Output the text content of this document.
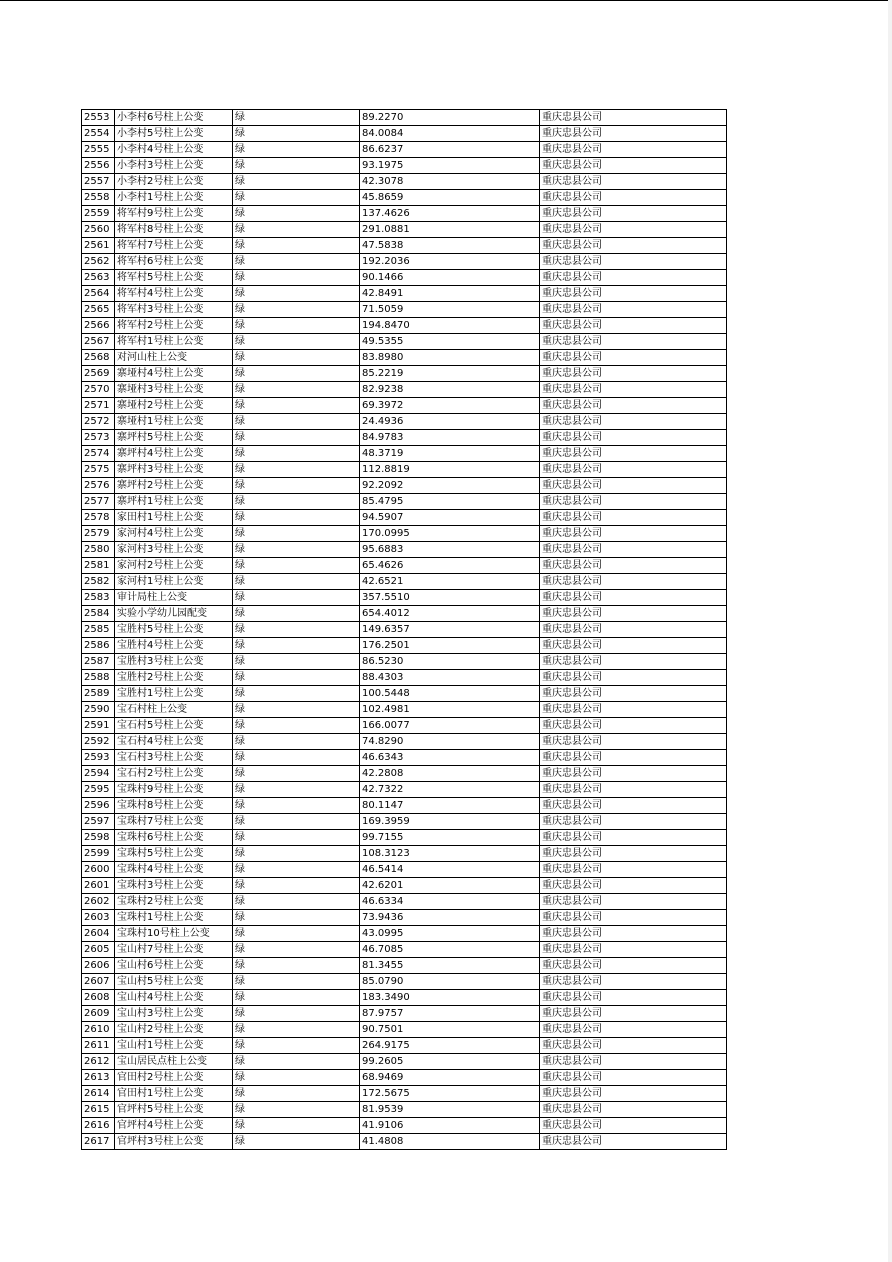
2553	小李村6号柱上公变	绿	89.2270	重庆忠县公司
2554	小李村5号柱上公变	绿	84.0084	重庆忠县公司
2555	小李村4号柱上公变	绿	86.6237	重庆忠县公司
2556	小李村3号柱上公变	绿	93.1975	重庆忠县公司
2557	小李村2号柱上公变	绿	42.3078	重庆忠县公司
2558	小李村1号柱上公变	绿	45.8659	重庆忠县公司
2559	将军村9号柱上公变	绿	137.4626	重庆忠县公司
2560	将军村8号柱上公变	绿	291.0881	重庆忠县公司
2561	将军村7号柱上公变	绿	47.5838	重庆忠县公司
2562	将军村6号柱上公变	绿	192.2036	重庆忠县公司
2563	将军村5号柱上公变	绿	90.1466	重庆忠县公司
2564	将军村4号柱上公变	绿	42.8491	重庆忠县公司
2565	将军村3号柱上公变	绿	71.5059	重庆忠县公司
2566	将军村2号柱上公变	绿	194.8470	重庆忠县公司
2567	将军村1号柱上公变	绿	49.5355	重庆忠县公司
2568	对河山柱上公变	绿	83.8980	重庆忠县公司
2569	寨垭村4号柱上公变	绿	85.2219	重庆忠县公司
2570	寨垭村3号柱上公变	绿	82.9238	重庆忠县公司
2571	寨垭村2号柱上公变	绿	69.3972	重庆忠县公司
2572	寨垭村1号柱上公变	绿	24.4936	重庆忠县公司
2573	寨坪村5号柱上公变	绿	84.9783	重庆忠县公司
2574	寨坪村4号柱上公变	绿	48.3719	重庆忠县公司
2575	寨坪村3号柱上公变	绿	112.8819	重庆忠县公司
2576	寨坪村2号柱上公变	绿	92.2092	重庆忠县公司
2577	寨坪村1号柱上公变	绿	85.4795	重庆忠县公司
2578	家田村1号柱上公变	绿	94.5907	重庆忠县公司
2579	家河村4号柱上公变	绿	170.0995	重庆忠县公司
2580	家河村3号柱上公变	绿	95.6883	重庆忠县公司
2581	家河村2号柱上公变	绿	65.4626	重庆忠县公司
2582	家河村1号柱上公变	绿	42.6521	重庆忠县公司
2583	审计局柱上公变	绿	357.5510	重庆忠县公司
2584	实验小学幼儿园配变	绿	654.4012	重庆忠县公司
2585	宝胜村5号柱上公变	绿	149.6357	重庆忠县公司
2586	宝胜村4号柱上公变	绿	176.2501	重庆忠县公司
2587	宝胜村3号柱上公变	绿	86.5230	重庆忠县公司
2588	宝胜村2号柱上公变	绿	88.4303	重庆忠县公司
2589	宝胜村1号柱上公变	绿	100.5448	重庆忠县公司
2590	宝石村柱上公变	绿	102.4981	重庆忠县公司
2591	宝石村5号柱上公变	绿	166.0077	重庆忠县公司
2592	宝石村4号柱上公变	绿	74.8290	重庆忠县公司
2593	宝石村3号柱上公变	绿	46.6343	重庆忠县公司
2594	宝石村2号柱上公变	绿	42.2808	重庆忠县公司
2595	宝珠村9号柱上公变	绿	42.7322	重庆忠县公司
2596	宝珠村8号柱上公变	绿	80.1147	重庆忠县公司
2597	宝珠村7号柱上公变	绿	169.3959	重庆忠县公司
2598	宝珠村6号柱上公变	绿	99.7155	重庆忠县公司
2599	宝珠村5号柱上公变	绿	108.3123	重庆忠县公司
2600	宝珠村4号柱上公变	绿	46.5414	重庆忠县公司
2601	宝珠村3号柱上公变	绿	42.6201	重庆忠县公司
2602	宝珠村2号柱上公变	绿	46.6334	重庆忠县公司
2603	宝珠村1号柱上公变	绿	73.9436	重庆忠县公司
2604	宝珠村10号柱上公变	绿	43.0995	重庆忠县公司
2605	宝山村7号柱上公变	绿	46.7085	重庆忠县公司
2606	宝山村6号柱上公变	绿	81.3455	重庆忠县公司
2607	宝山村5号柱上公变	绿	85.0790	重庆忠县公司
2608	宝山村4号柱上公变	绿	183.3490	重庆忠县公司
2609	宝山村3号柱上公变	绿	87.9757	重庆忠县公司
2610	宝山村2号柱上公变	绿	90.7501	重庆忠县公司
2611	宝山村1号柱上公变	绿	264.9175	重庆忠县公司
2612	宝山居民点柱上公变	绿	99.2605	重庆忠县公司
2613	官田村2号柱上公变	绿	68.9469	重庆忠县公司
2614	官田村1号柱上公变	绿	172.5675	重庆忠县公司
2615	官坪村5号柱上公变	绿	81.9539	重庆忠县公司
2616	官坪村4号柱上公变	绿	41.9106	重庆忠县公司
2617	官坪村3号柱上公变	绿	41.4808	重庆忠县公司
